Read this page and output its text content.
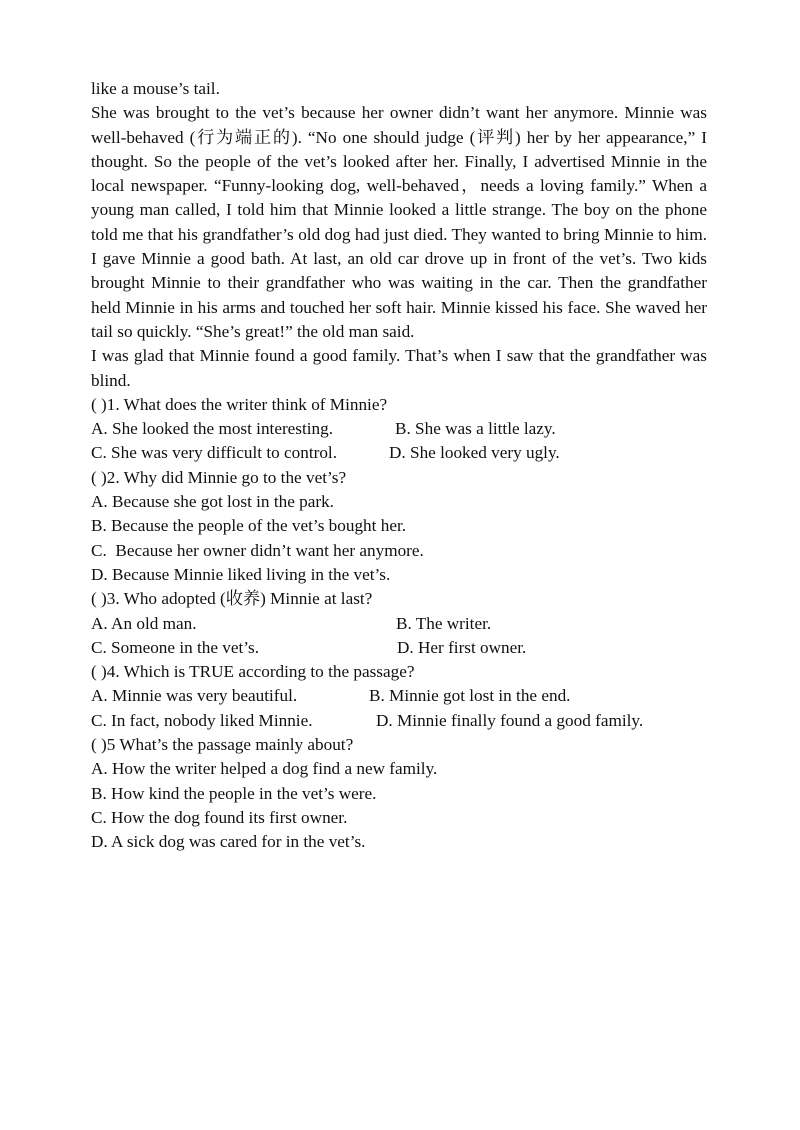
like a mouse’s tail.

She was brought to the vet’s because her owner didn’t want her anymore. Minnie was well-behaved (行为端正的). “No one should judge (评判) her by her appearance,” I thought. So the people of the vet’s looked after her. Finally, I advertised Minnie in the local newspaper. “Funny-looking dog, well-behaved，needs a loving family.” When a young man called, I told him that Minnie looked a little strange. The boy on the phone told me that his grandfather’s old dog had just died. They wanted to bring Minnie to him. I gave Minnie a good bath. At last, an old car drove up in front of the vet’s. Two kids brought Minnie to their grandfather who was waiting in the car. Then the grandfather held Minnie in his arms and touched her soft hair. Minnie kissed his face. She waved her tail so quickly. “She’s great!” the old man said.

I was glad that Minnie found a good family. That’s when I saw that the grandfather was blind.

( )1. What does the writer think of Minnie?

A. She looked the most interesting.	B. She was a little lazy.
C. She was very difficult to control.	D. She looked very ugly.

( )2. Why did Minnie go to the vet’s?

A. Because she got lost in the park.

B. Because the people of the vet’s bought her.

C.  Because her owner didn’t want her anymore.

D. Because Minnie liked living in the vet’s.

( )3. Who adopted (收养) Minnie at last?

A. An old man.	B. The writer.
C. Someone in the vet’s.	D. Her first owner.

( )4. Which is TRUE according to the passage?

A. Minnie was very beautiful.	B. Minnie got lost in the end.
C. In fact, nobody liked Minnie.	D. Minnie finally found a good family.

( )5 What’s the passage mainly about?

A. How the writer helped a dog find a new family.

B. How kind the people in the vet’s were.

C. How the dog found its first owner.

D. A sick dog was cared for in the vet’s.
